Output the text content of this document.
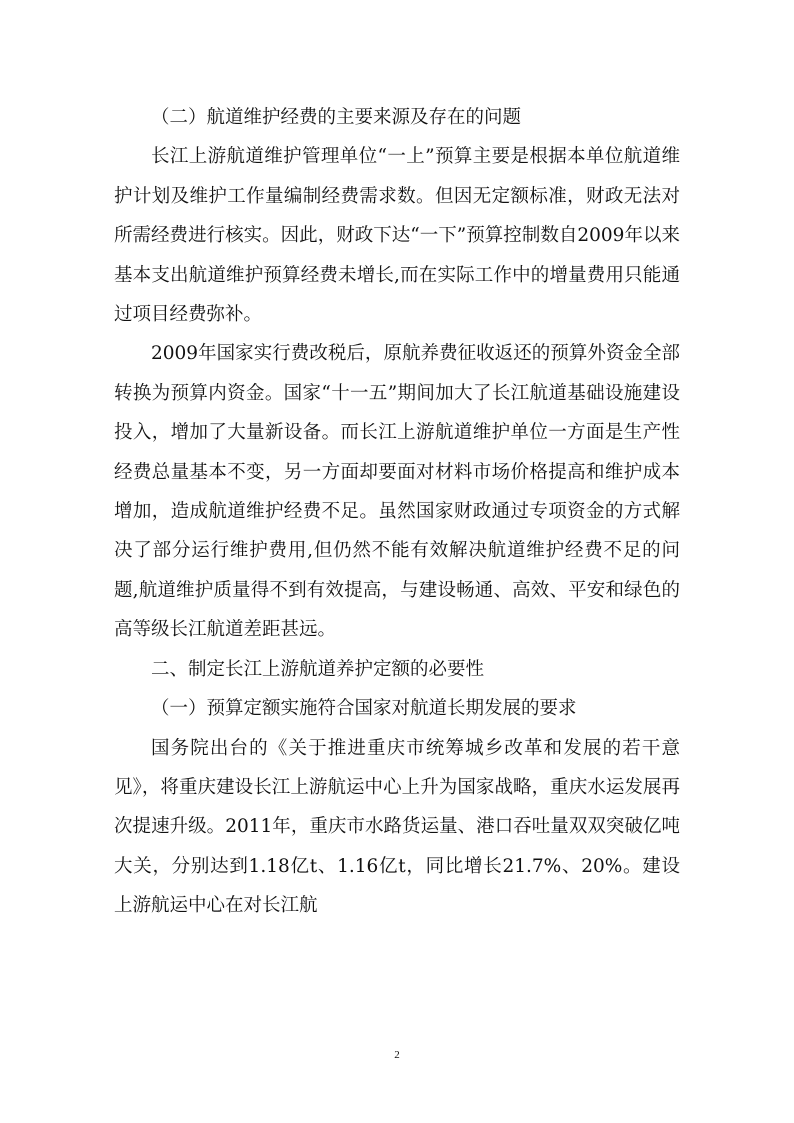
（二）航道维护经费的主要来源及存在的问题

长江上游航道维护管理单位“一上”预算主要是根据本单位航道维护计划及维护工作量编制经费需求数。但因无定额标准，财政无法对所需经费进行核实。因此，财政下达“一下”预算控制数自2009年以来基本支出航道维护预算经费未增长,而在实际工作中的增量费用只能通过项目经费弥补。

2009年国家实行费改税后，原航养费征收返还的预算外资金全部转换为预算内资金。国家“十一五”期间加大了长江航道基础设施建设投入，增加了大量新设备。而长江上游航道维护单位一方面是生产性经费总量基本不变，另一方面却要面对材料市场价格提高和维护成本增加，造成航道维护经费不足。虽然国家财政通过专项资金的方式解决了部分运行维护费用,但仍然不能有效解决航道维护经费不足的问题,航道维护质量得不到有效提高，与建设畅通、高效、平安和绿色的高等级长江航道差距甚远。

二、制定长江上游航道养护定额的必要性

（一）预算定额实施符合国家对航道长期发展的要求

国务院出台的《关于推进重庆市统筹城乡改革和发展的若干意见》，将重庆建设长江上游航运中心上升为国家战略，重庆水运发展再次提速升级。2011年，重庆市水路货运量、港口吞吐量双双突破亿吨大关，分别达到1.18亿t、1.16亿t，同比增长21.7%、20%。建设上游航运中心在对长江航

2
